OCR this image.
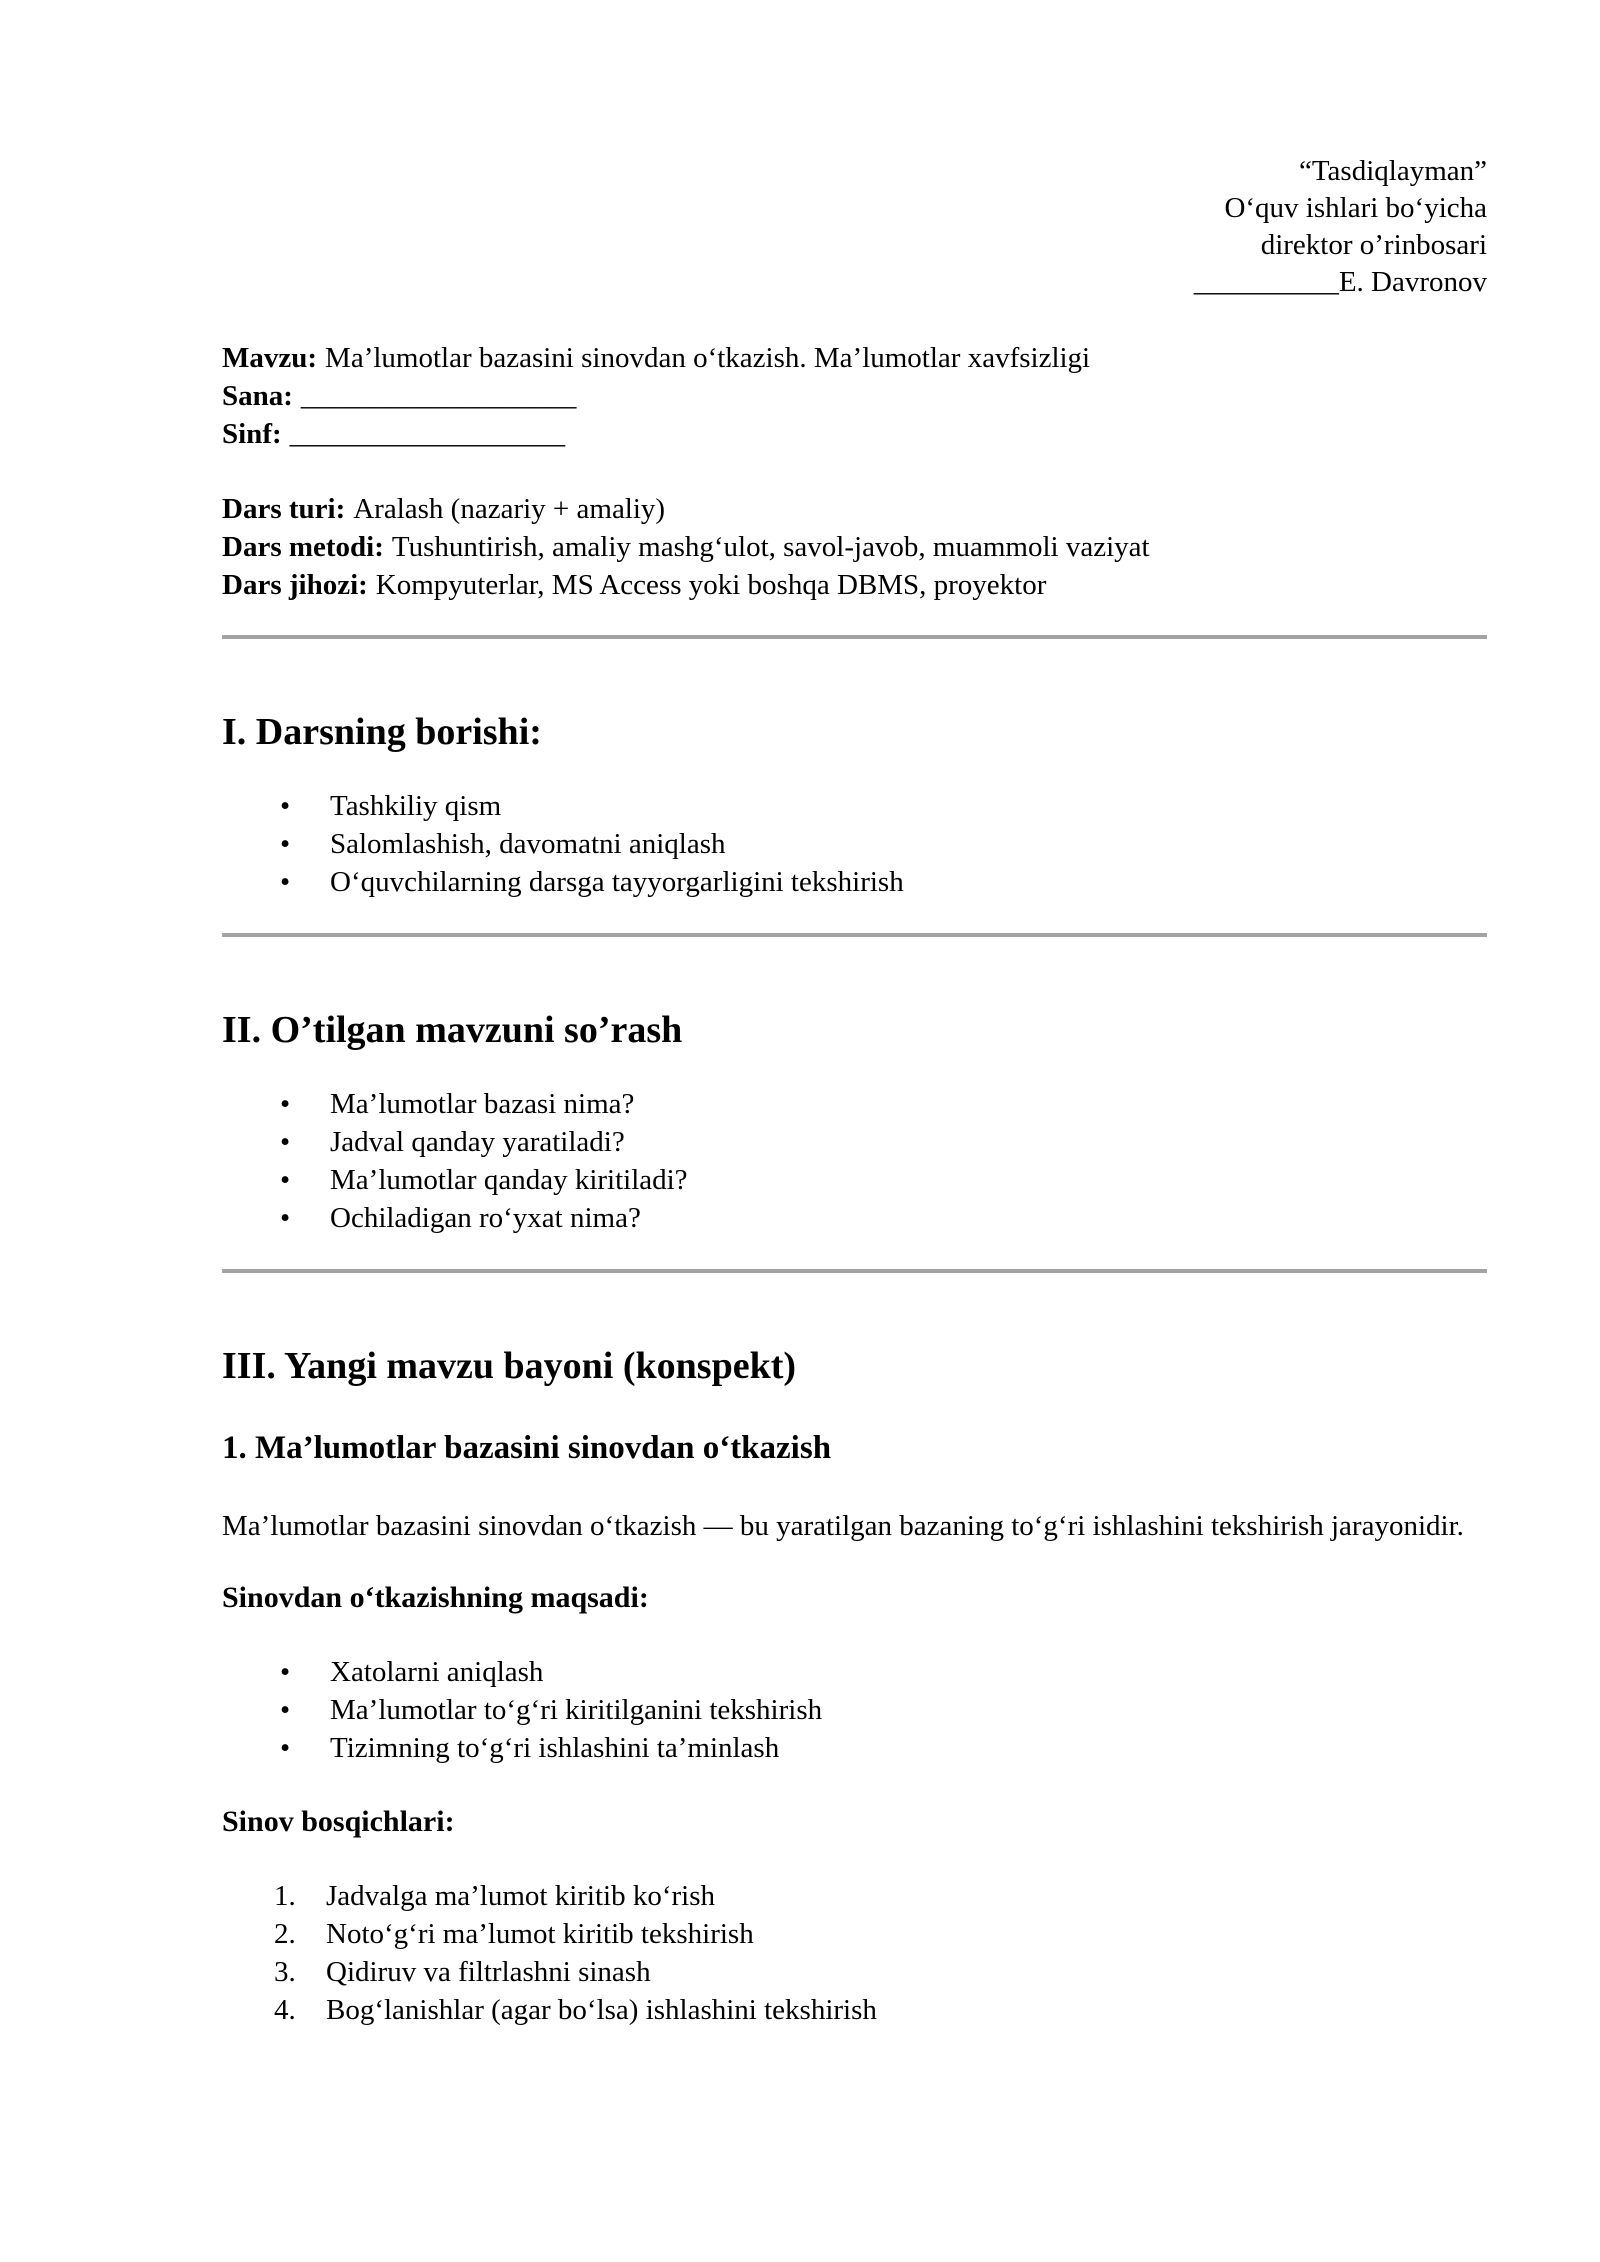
“Tasdiqlayman”
O‘quv ishlari bo‘yicha
direktor o’rinbosari
__________E. Davronov

Mavzu: Ma’lumotlar bazasini sinovdan o‘tkazish. Ma’lumotlar xavfsizligi
Sana: ___________________
Sinf: ___________________

Dars turi: Aralash (nazariy + amaliy)
Dars metodi: Tushuntirish, amaliy mashg‘ulot, savol-javob, muammoli vaziyat
Dars jihozi: Kompyuterlar, MS Access yoki boshqa DBMS, proyektor

I. Darsning borishi:
• Tashkiliy qism
• Salomlashish, davomatni aniqlash
• O‘quvchilarning darsga tayyorgarligini tekshirish
II. O’tilgan mavzuni so’rash
• Ma’lumotlar bazasi nima?
• Jadval qanday yaratiladi?
• Ma’lumotlar qanday kiritiladi?
• Ochiladigan ro‘yxat nima?
III. Yangi mavzu bayoni (konspekt)
1. Ma’lumotlar bazasini sinovdan o‘tkazish

Ma’lumotlar bazasini sinovdan o‘tkazish — bu yaratilgan bazaning to‘g‘ri ishlashini tekshirish jarayonidir.

Sinovdan o‘tkazishning maqsadi:
• Xatolarni aniqlash
• Ma’lumotlar to‘g‘ri kiritilganini tekshirish
• Tizimning to‘g‘ri ishlashini ta’minlash
Sinov bosqichlari:
Jadvalga ma’lumot kiritib ko‘rish
Noto‘g‘ri ma’lumot kiritib tekshirish
Qidiruv va filtrlashni sinash
Bog‘lanishlar (agar bo‘lsa) ishlashini tekshirish
